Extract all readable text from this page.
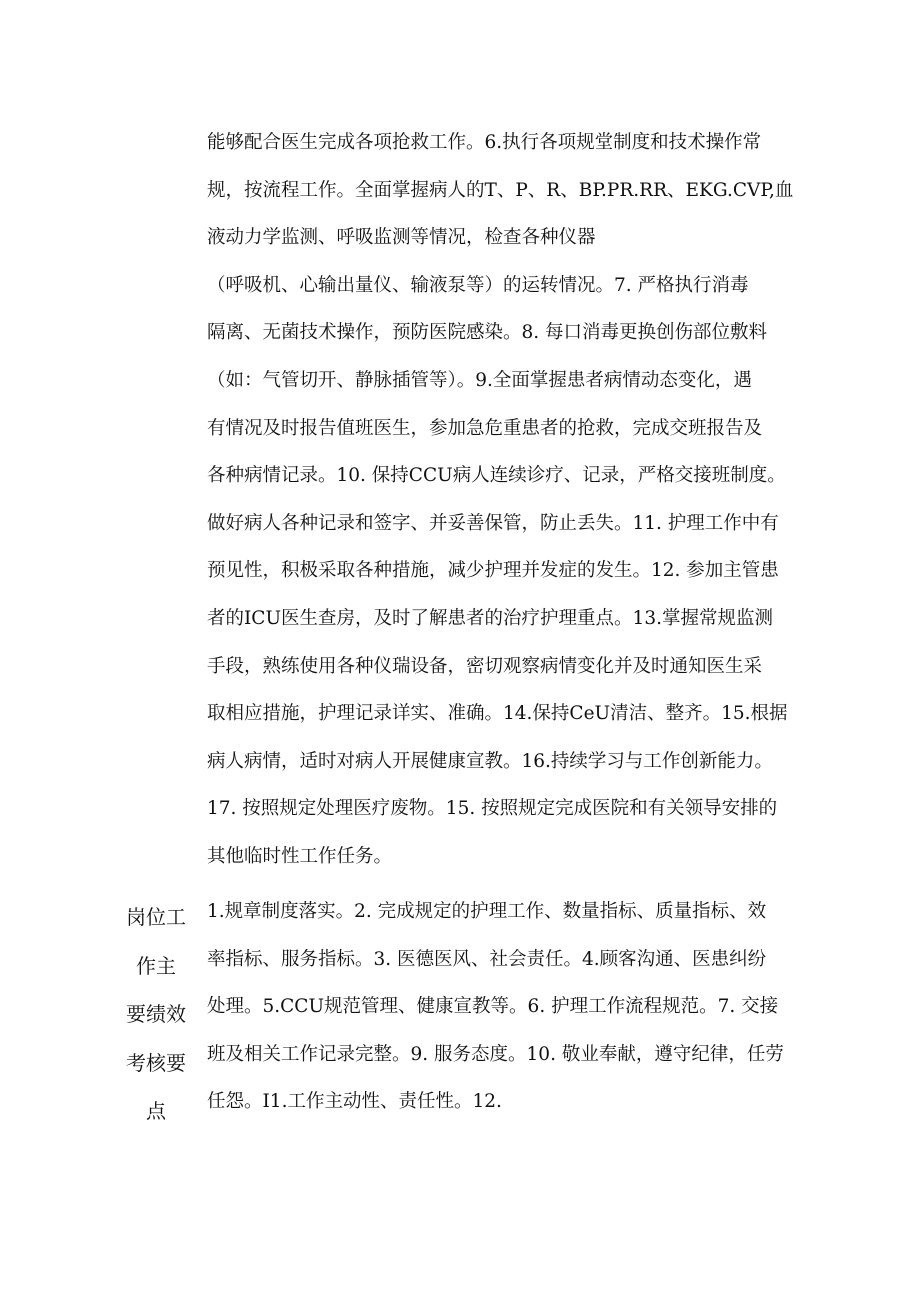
能够配合医生完成各项抢救工作。6.执行各项规堂制度和技术操作常
规，按流程工作。全面掌握病人的T、P、R、BP.PR.RR、EKG.CVP,血
液动力学监测、呼吸监测等情况，检查各种仪器
（呼吸机、心输出量仪、输液泵等）的运转情况。7. 严格执行消毒
隔离、无菌技术操作，预防医院感染。8. 每口消毒更换创伤部位敷料
（如：气管切开、静脉插管等）。9.全面掌握患者病情动态变化，遇
有情况及时报告值班医生，参加急危重患者的抢救，完成交班报告及
各种病情记录。10. 保持CCU病人连续诊疗、记录，严格交接班制度。
做好病人各种记录和签字、并妥善保管，防止丢失。11. 护理工作中有
预见性，积极采取各种措施，减少护理并发症的发生。12. 参加主管患
者的ICU医生查房，及时了解患者的治疗护理重点。13.掌握常规监测
手段，熟练使用各种仪瑞设备，密切观察病情变化并及时通知医生采
取相应措施，护理记录详实、准确。14.保持CeU清洁、整齐。15.根据
病人病情，适时对病人开展健康宣教。16.持续学习与工作创新能力。
17. 按照规定处理医疗废物。15. 按照规定完成医院和有关领导安排的
其他临时性工作任务。
岗位工
作主
要绩效
考核要
点
1.规章制度落实。2. 完成规定的护理工作、数量指标、质量指标、效
率指标、服务指标。3. 医德医风、社会责任。4.顾客沟通、医患纠纷
处理。5.CCU规范管理、健康宣教等。6. 护理工作流程规范。7. 交接
班及相关工作记录完整。9. 服务态度。10. 敬业奉献，遵守纪律，任劳
任怨。I1.工作主动性、责任性。12.
